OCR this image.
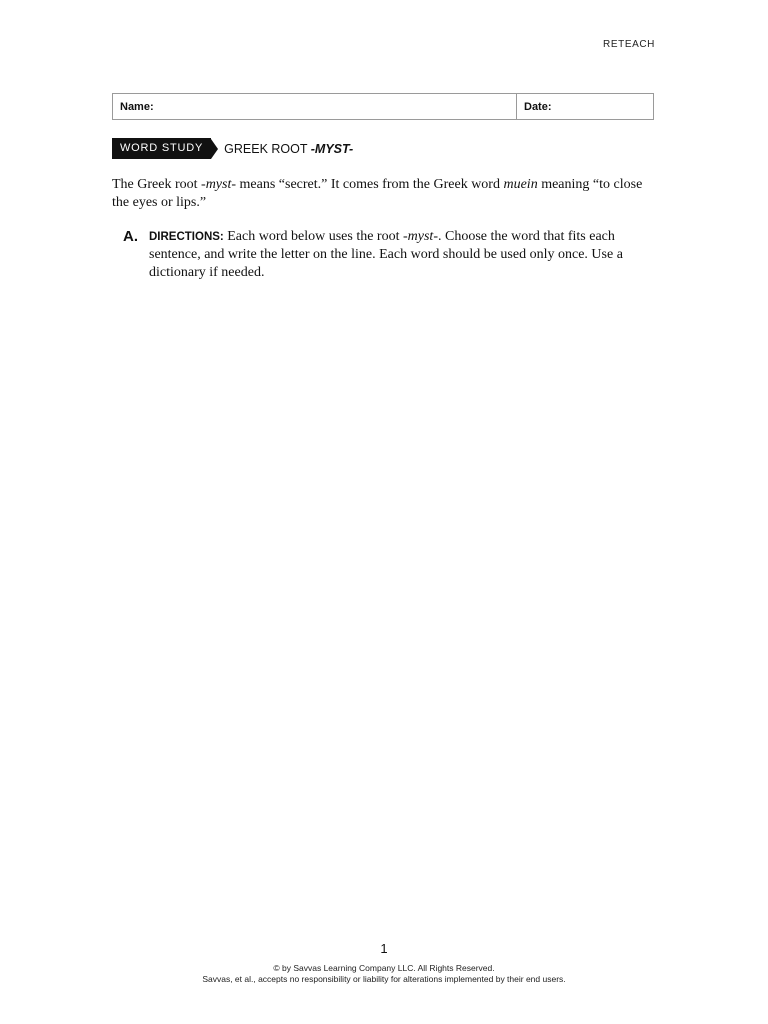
RETEACH
Name:	Date:
WORD STUDY	GREEK ROOT -MYST-

The Greek root -myst- means “secret.” It comes from the Greek word muein meaning “to close the eyes or lips.”

A. DIRECTIONS: Each word below uses the root -myst-. Choose the word that fits each sentence, and write the letter on the line. Each word should be used only once. Use a dictionary if needed.
1
© by Savvas Learning Company LLC. All Rights Reserved.
Savvas, et al., accepts no responsibility or liability for alterations implemented by their end users.
